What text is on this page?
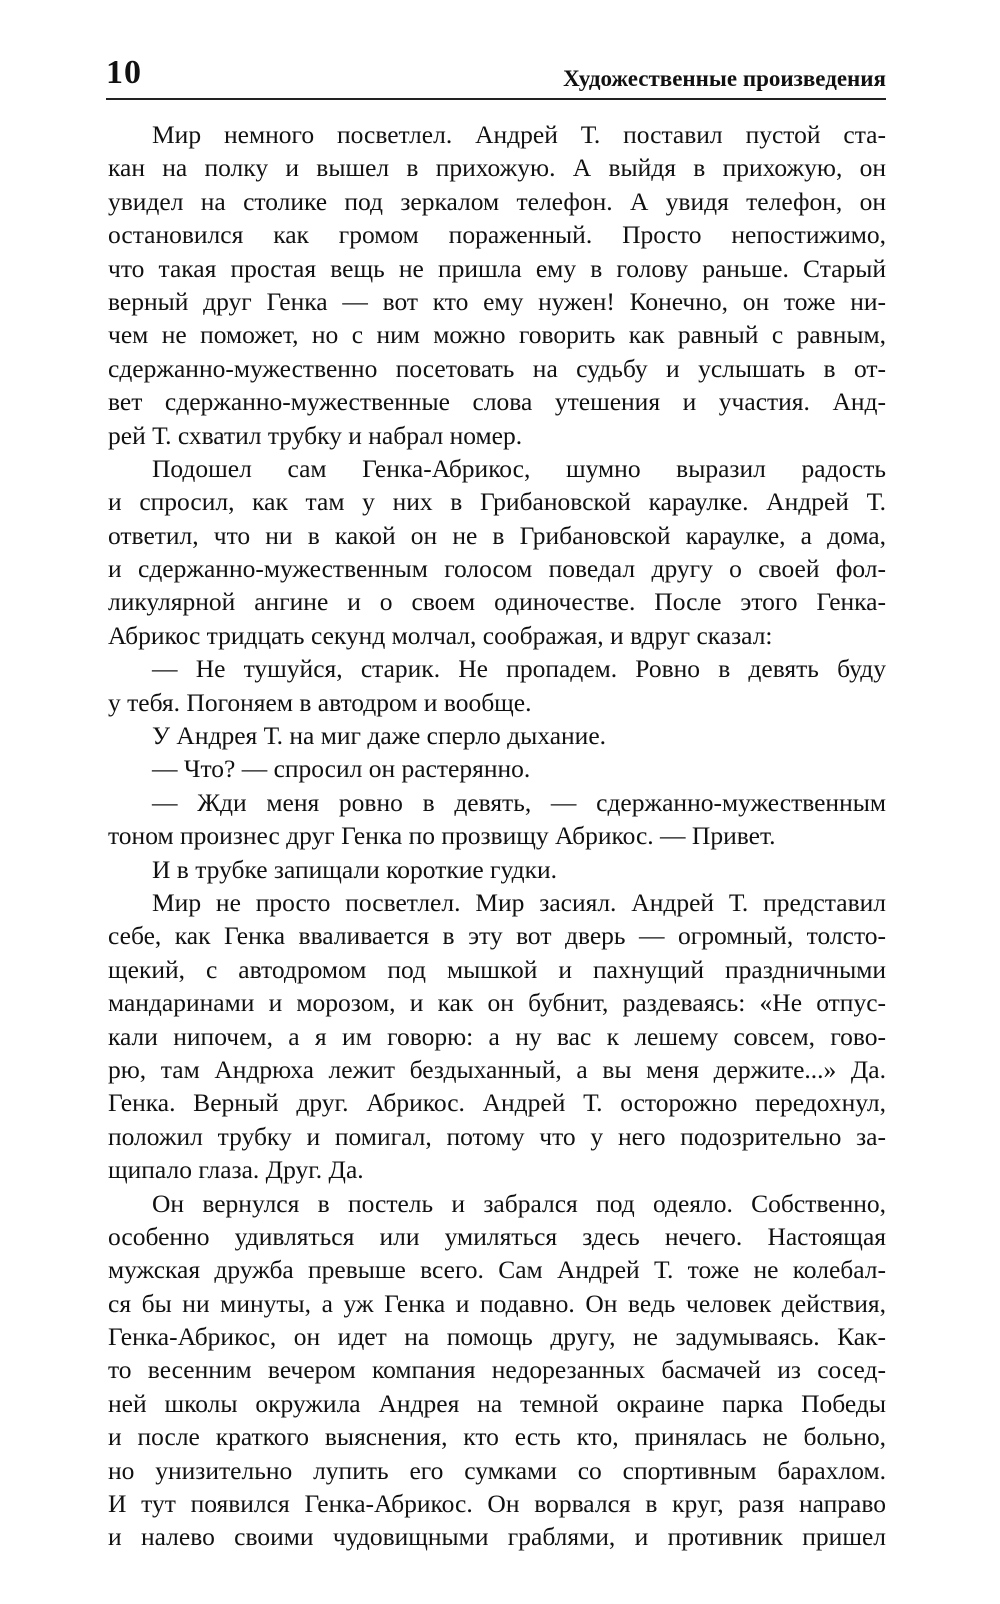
10	Художественные произведения
Мир немного посветлел. Андрей Т. поставил пустой ста-
кан на полку и вышел в прихожую. А выйдя в прихожую, он
увидел на столике под зеркалом телефон. А увидя телефон, он
остановился как громом пораженный. Просто непостижимо,
что такая простая вещь не пришла ему в голову раньше. Старый
верный друг Генка — вот кто ему нужен! Конечно, он тоже ни-
чем не поможет, но с ним можно говорить как равный с равным,
сдержанно-мужественно посетовать на судьбу и услышать в от-
вет сдержанно-мужественные слова утешения и участия. Анд-
рей Т. схватил трубку и набрал номер.
Подошел сам Генка-Абрикос, шумно выразил радость
и спросил, как там у них в Грибановской караулке. Андрей Т.
ответил, что ни в какой он не в Грибановской караулке, а дома,
и сдержанно-мужественным голосом поведал другу о своей фол-
ликулярной ангине и о своем одиночестве. После этого Генка-
Абрикос тридцать секунд молчал, соображая, и вдруг сказал:
— Не тушуйся, старик. Не пропадем. Ровно в девять буду
у тебя. Погоняем в автодром и вообще.
У Андрея Т. на миг даже сперло дыхание.
— Что? — спросил он растерянно.
— Жди меня ровно в девять, — сдержанно-мужественным
тоном произнес друг Генка по прозвищу Абрикос. — Привет.
И в трубке запищали короткие гудки.
Мир не просто посветлел. Мир засиял. Андрей Т. представил
себе, как Генка вваливается в эту вот дверь — огромный, толсто-
щекий, с автодромом под мышкой и пахнущий праздничными
мандаринами и морозом, и как он бубнит, раздеваясь: «Не отпус-
кали нипочем, а я им говорю: а ну вас к лешему совсем, гово-
рю, там Андрюха лежит бездыханный, а вы меня держите...» Да.
Генка. Верный друг. Абрикос. Андрей Т. осторожно передохнул,
положил трубку и помигал, потому что у него подозрительно за-
щипало глаза. Друг. Да.
Он вернулся в постель и забрался под одеяло. Собственно,
особенно удивляться или умиляться здесь нечего. Настоящая
мужская дружба превыше всего. Сам Андрей Т. тоже не колебал-
ся бы ни минуты, а уж Генка и подавно. Он ведь человек действия,
Генка-Абрикос, он идет на помощь другу, не задумываясь. Как-
то весенним вечером компания недорезанных басмачей из сосед-
ней школы окружила Андрея на темной окраине парка Победы
и после краткого выяснения, кто есть кто, принялась не больно,
но унизительно лупить его сумками со спортивным барахлом.
И тут появился Генка-Абрикос. Он ворвался в круг, разя направо
и налево своими чудовищными граблями, и противник пришел
